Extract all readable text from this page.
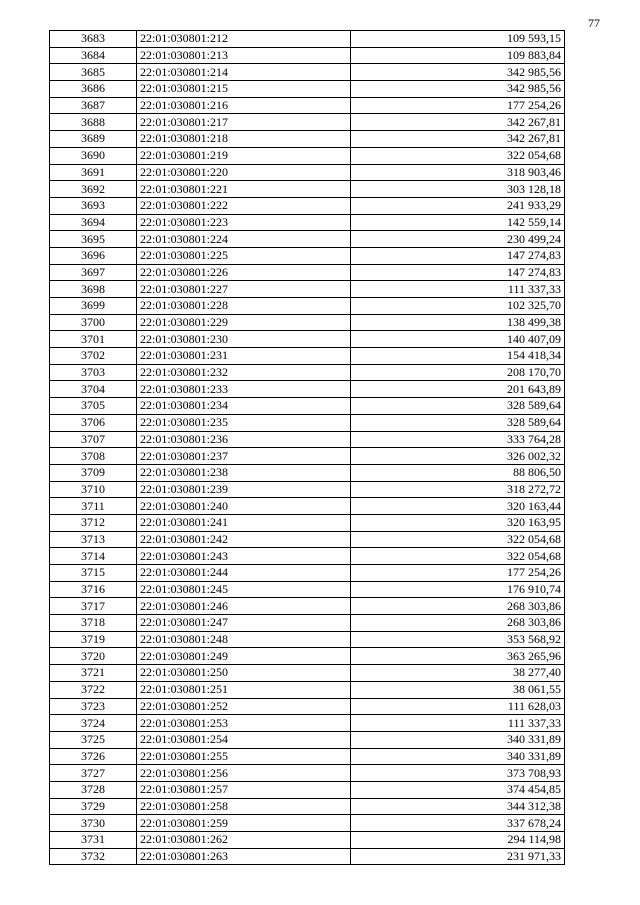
77
3683	22:01:030801:212	109 593,15
3684	22:01:030801:213	109 883,84
3685	22:01:030801:214	342 985,56
3686	22:01:030801:215	342 985,56
3687	22:01:030801:216	177 254,26
3688	22:01:030801:217	342 267,81
3689	22:01:030801:218	342 267,81
3690	22:01:030801:219	322 054,68
3691	22:01:030801:220	318 903,46
3692	22:01:030801:221	303 128,18
3693	22:01:030801:222	241 933,29
3694	22:01:030801:223	142 559,14
3695	22:01:030801:224	230 499,24
3696	22:01:030801:225	147 274,83
3697	22:01:030801:226	147 274,83
3698	22:01:030801:227	111 337,33
3699	22:01:030801:228	102 325,70
3700	22:01:030801:229	138 499,38
3701	22:01:030801:230	140 407,09
3702	22:01:030801:231	154 418,34
3703	22:01:030801:232	208 170,70
3704	22:01:030801:233	201 643,89
3705	22:01:030801:234	328 589,64
3706	22:01:030801:235	328 589,64
3707	22:01:030801:236	333 764,28
3708	22:01:030801:237	326 002,32
3709	22:01:030801:238	88 806,50
3710	22:01:030801:239	318 272,72
3711	22:01:030801:240	320 163,44
3712	22:01:030801:241	320 163,95
3713	22:01:030801:242	322 054,68
3714	22:01:030801:243	322 054,68
3715	22:01:030801:244	177 254,26
3716	22:01:030801:245	176 910,74
3717	22:01:030801:246	268 303,86
3718	22:01:030801:247	268 303,86
3719	22:01:030801:248	353 568,92
3720	22:01:030801:249	363 265,96
3721	22:01:030801:250	38 277,40
3722	22:01:030801:251	38 061,55
3723	22:01:030801:252	111 628,03
3724	22:01:030801:253	111 337,33
3725	22:01:030801:254	340 331,89
3726	22:01:030801:255	340 331,89
3727	22:01:030801:256	373 708,93
3728	22:01:030801:257	374 454,85
3729	22:01:030801:258	344 312,38
3730	22:01:030801:259	337 678,24
3731	22:01:030801:262	294 114,98
3732	22:01:030801:263	231 971,33
